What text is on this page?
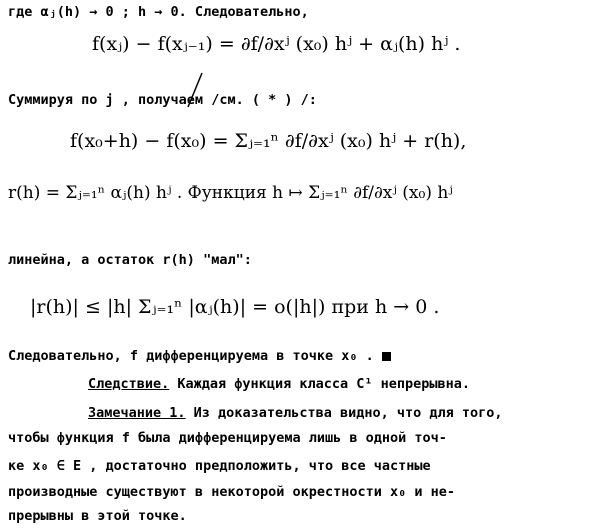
где αⱼ(h) → 0 ; h → 0. Следовательно,
f(xⱼ) − f(xⱼ₋₁) = ∂f/∂xʲ (x₀) hʲ + αⱼ(h) hʲ .
Суммируя по j , получаем /см. ( * ) /:
f(x₀+h) − f(x₀) = Σⱼ₌₁ⁿ ∂f/∂xʲ (x₀) hʲ + r(h),
r(h) = Σⱼ₌₁ⁿ αⱼ(h) hʲ . Функция h ↦ Σⱼ₌₁ⁿ ∂f/∂xʲ (x₀) hʲ
линейна, а остаток r(h) "мал":
|r(h)| ≤ |h| Σⱼ₌₁ⁿ |αⱼ(h)| = o(|h|) при h → 0 .
Следовательно, f дифференцируема в точке x₀ .
Следствие. Каждая функция класса C¹ непрерывна.
Замечание 1. Из доказательства видно, что для того,
чтобы функция f была дифференцируема лишь в одной точ-
ке x₀ ∈ E , достаточно предположить, что все частные
производные существуют в некоторой окрестности x₀ и не-
прерывны в этой точке.
